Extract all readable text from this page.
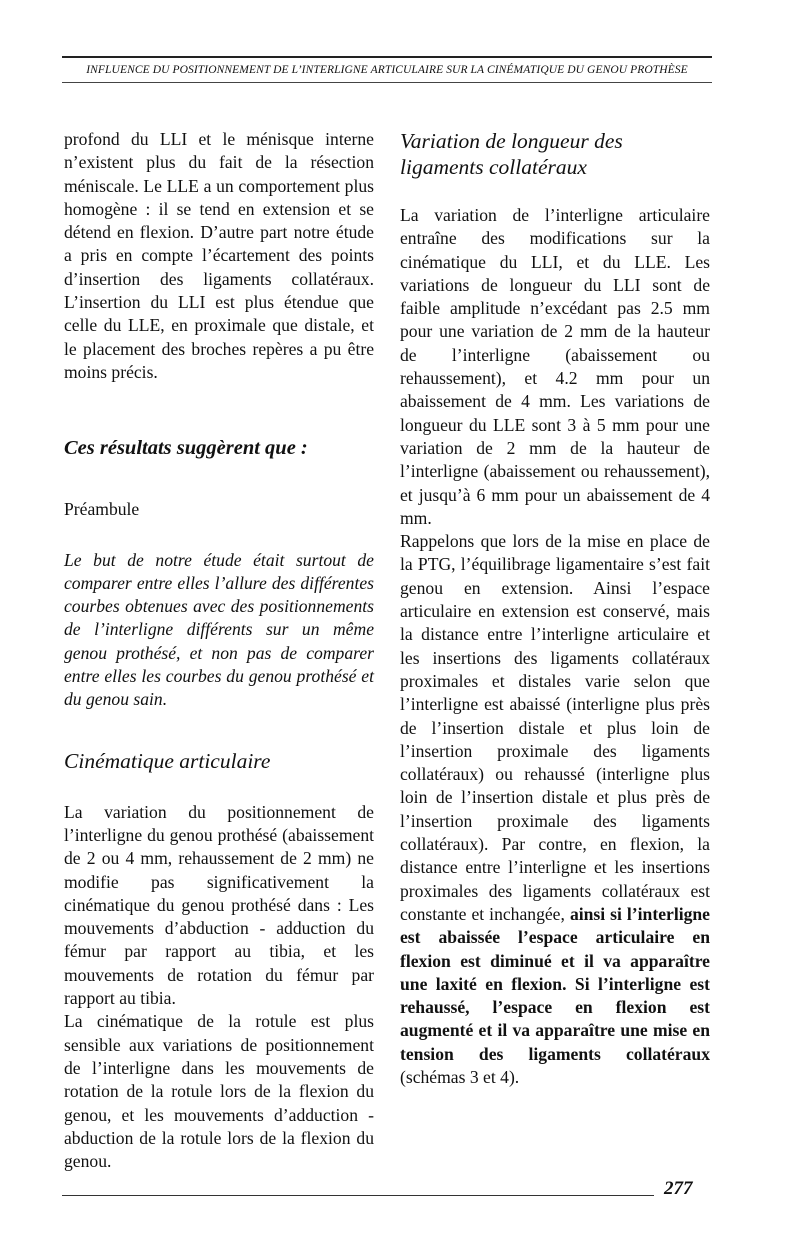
INFLUENCE DU POSITIONNEMENT DE L’INTERLIGNE ARTICULAIRE SUR LA CINÉMATIQUE DU GENOU PROTHÈSE

profond du LLI et le ménisque interne n’existent plus du fait de la résection méniscale. Le LLE a un comportement plus homogène : il se tend en extension et se détend en flexion. D’autre part notre étude a pris en compte l’écartement des points d’insertion des ligaments collatéraux. L’insertion du LLI est plus étendue que celle du LLE, en proximale que distale, et le placement des broches repères a pu être moins précis.

Ces résultats suggèrent que :
Préambule

Le but de notre étude était surtout de comparer entre elles l’allure des différentes courbes obtenues avec des positionnements de l’interligne différents sur un même genou prothésé, et non pas de comparer entre elles les courbes du genou prothésé et du genou sain.

Cinématique articulaire

La variation du positionnement de l’interligne du genou prothésé (abaissement de 2 ou 4 mm, rehaussement de 2 mm) ne modifie pas significativement la cinématique du genou prothésé dans : Les mouvements d’abduction - adduction du fémur par rapport au tibia, et les mouvements de rotation du fémur par rapport au tibia.

La cinématique de la rotule est plus sensible aux variations de positionnement de l’interligne dans les mouvements de rotation de la rotule lors de la flexion du genou, et les mouvements d’adduction - abduction de la rotule lors de la flexion du genou.

Variation de longueur des ligaments collatéraux

La variation de l’interligne articulaire entraîne des modifications sur la cinématique du LLI, et du LLE. Les variations de longueur du LLI sont de faible amplitude n’excédant pas 2.5 mm pour une variation de 2 mm de la hauteur de l’interligne (abaissement ou rehaussement), et 4.2 mm pour un abaissement de 4 mm. Les variations de longueur du LLE sont 3 à 5 mm pour une variation de 2 mm de la hauteur de l’interligne (abaissement ou rehaussement), et jusqu’à 6 mm pour un abaissement de 4 mm.

Rappelons que lors de la mise en place de la PTG, l’équilibrage ligamentaire s’est fait genou en extension. Ainsi l’espace articulaire en extension est conservé, mais la distance entre l’interligne articulaire et les insertions des ligaments collatéraux proximales et distales varie selon que l’interligne est abaissé (interligne plus près de l’insertion distale et plus loin de l’insertion proximale des ligaments collatéraux) ou rehaussé (interligne plus loin de l’insertion distale et plus près de l’insertion proximale des ligaments collatéraux). Par contre, en flexion, la distance entre l’interligne et les insertions proximales des ligaments collatéraux est constante et inchangée, ainsi si l’interligne est abaissée l’espace articulaire en flexion est diminué et il va apparaître une laxité en flexion. Si l’interligne est rehaussé, l’espace en flexion est augmenté et il va apparaître une mise en tension des ligaments collatéraux (schémas 3 et 4).

277
